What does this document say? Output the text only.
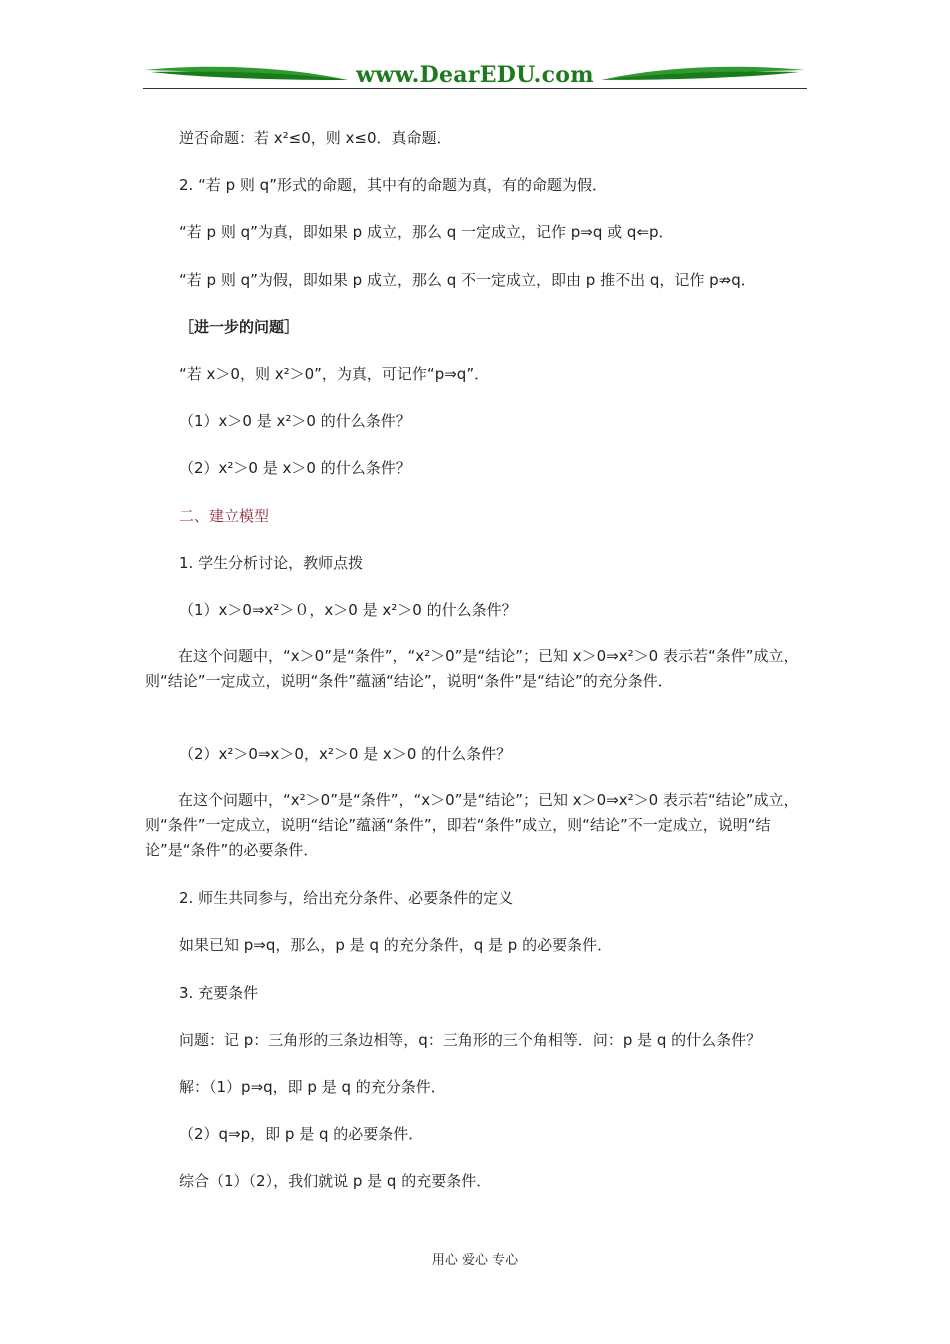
www.DearEDU.com
逆否命题：若 x²≤0，则 x≤0．真命题．
2. “若 p 则 q”形式的命题，其中有的命题为真，有的命题为假．
“若 p 则 q”为真，即如果 p 成立，那么 q 一定成立，记作 p⇒q 或 q⇐p．
“若 p 则 q”为假，即如果 p 成立，那么 q 不一定成立，即由 p 推不出 q，记作 p⇏q．
［进一步的问题］
“若 x＞0，则 x²＞0”，为真，可记作“p⇒q”．
（1）x＞0 是 x²＞0 的什么条件？
（2）x²＞0 是 x＞0 的什么条件？
二、建立模型
1. 学生分析讨论，教师点拨
（1）x＞0⇒x²＞０，x＞0 是 x²＞0 的什么条件？
在这个问题中，“x＞0”是“条件”，“x²＞0”是“结论”；已知 x＞0⇒x²＞0 表示若“条件”成立，则“结论”一定成立，说明“条件”蕴涵“结论”，说明“条件”是“结论”的充分条件．
（2）x²＞0⇒x＞0，x²＞0 是 x＞0 的什么条件？
在这个问题中，“x²＞0”是“条件”，“x＞0”是“结论”；已知 x＞0⇒x²＞0 表示若“结论”成立，则“条件”一定成立，说明“结论”蕴涵“条件”，即若“条件”成立，则“结论”不一定成立，说明“结论”是“条件”的必要条件．
2. 师生共同参与，给出充分条件、必要条件的定义
如果已知 p⇒q，那么，p 是 q 的充分条件，q 是 p 的必要条件．
3. 充要条件
问题：记 p：三角形的三条边相等，q：三角形的三个角相等．问：p 是 q 的什么条件？
解：（1）p⇒q，即 p 是 q 的充分条件．
（2）q⇒p，即 p 是 q 的必要条件．
综合（1）（2），我们就说 p 是 q 的充要条件．
用心 爱心 专心
